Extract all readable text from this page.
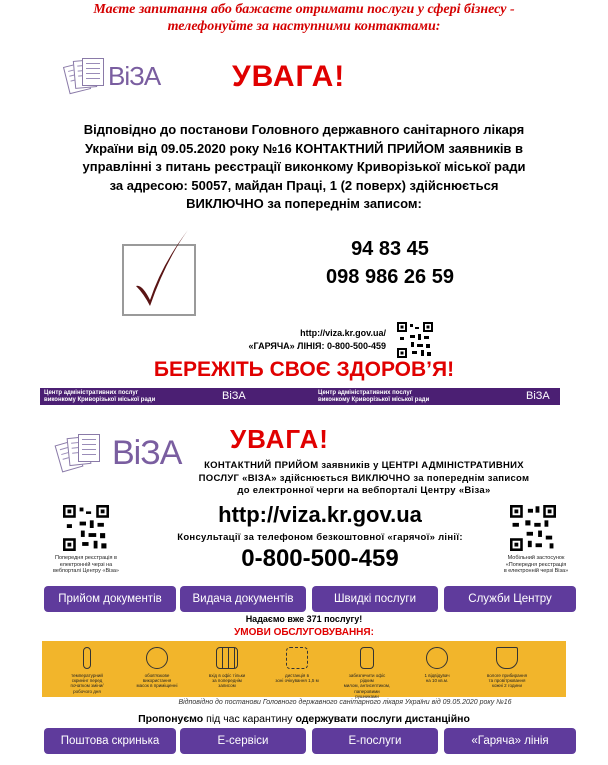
Маєте запитання або бажаєте отримати послуги у сфері бізнесу -
телефонуйте за наступними контактами:
ВіЗА УВАГА!
Відповідно до постанови Головного державного санітарного лікаря
України від 09.05.2020 року №16 КОНТАКТНИЙ ПРИЙОМ заявників в
управлінні з питань реєстрації виконкому Криворізької міської ради
за адресою: 50057, майдан Праці, 1 (2 поверх) здійснюється
ВИКЛЮЧНО за попереднім записом:
94 83 45
098 986 26 59
http://viza.kr.gov.ua/
«ГАРЯЧА» ЛІНІЯ: 0-800-500-459
БЕРЕЖІТЬ СВОЄ ЗДОРОВ’Я!
Центр адміністративних послуг
виконкому Криворізької міської ради	ВіЗА	Центр адміністративних послуг
виконкому Криворізької міської ради	ВіЗА
ВіЗА УВАГА!
КОНТАКТНИЙ ПРИЙОМ заявників у ЦЕНТРІ АДМІНІСТРАТИВНИХ
ПОСЛУГ «ВІЗА» здійснюється ВИКЛЮЧНО за попереднім записом
до електронної черги на вебпорталі Центру «Віза»
Попередня реєстрація в
електронній черзі на
вебпорталі Центру «Віза»
http://viza.kr.gov.ua
Консультації за телефоном безкоштовної «гарячої» лінії:
0-800-500-459	Мобільний застосунок
«Попередня реєстрація
в електронній черзі Віза»
Прийом документів	Видача документів	Швидкі послуги	Служби Центру
Надаємо вже 371 послугу!
УМОВИ ОБСЛУГОВУВАННЯ:
температурний
скринінг перед
початком зміни/
робочого дня
обов'язкове
використання
масок в приміщенні
вхід в офіс тільки
за попереднім
записом
дистанція в
зоні очікування 1,5 м
забезпечити офіс рідким
милом, антисептиком,
паперовими рушниками
1 відвідувач
на 10 кв.м.
вологе прибирання
та провітрювання
кожні 2 години
Відповідно до постанови Головного державного санітарного лікаря України від 09.05.2020 року №16
Пропонуємо під час карантину одержувати послуги дистанційно
Поштова скринька	Е-сервіси	Е-послуги	«Гаряча» лінія
